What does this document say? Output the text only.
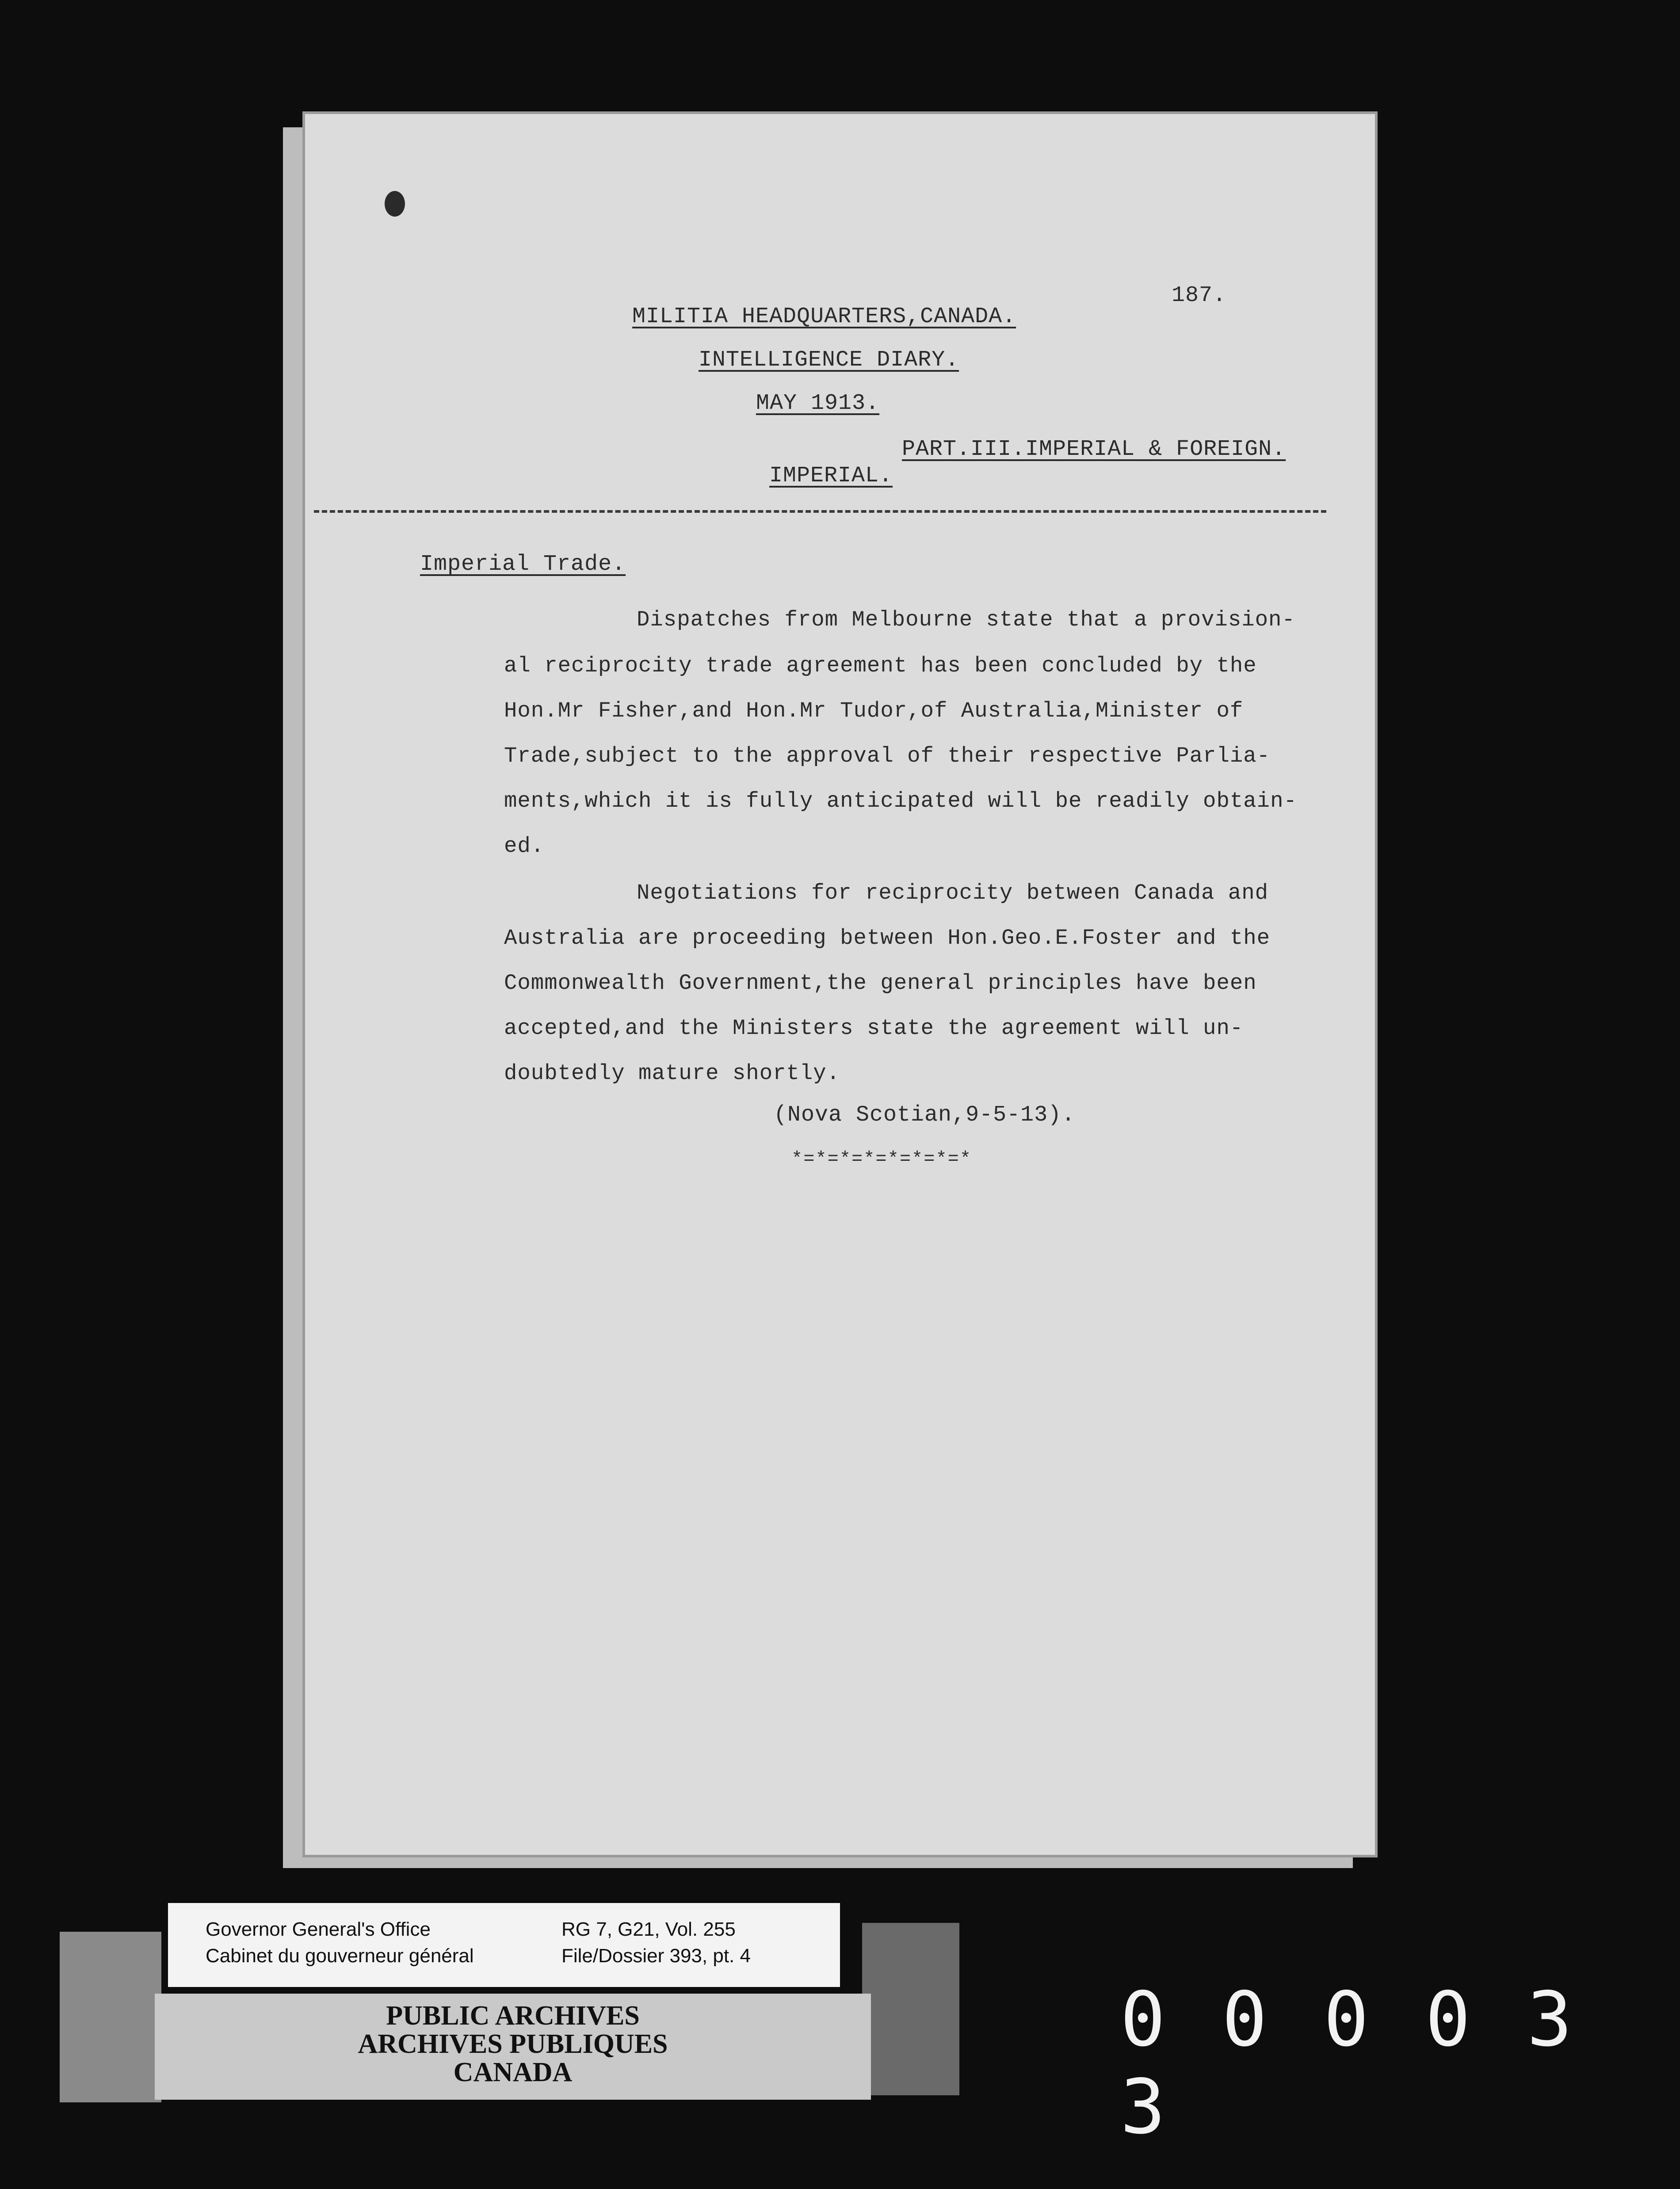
187.
MILITIA HEADQUARTERS,CANADA.
INTELLIGENCE DIARY.
MAY 1913.
PART.III.IMPERIAL & FOREIGN.
IMPERIAL.
Imperial Trade.
Dispatches from Melbourne state that a provision-
al reciprocity trade agreement has been concluded by the
Hon.Mr Fisher,and Hon.Mr Tudor,of Australia,Minister of
Trade,subject to the approval of their respective Parlia-
ments,which it is fully anticipated will be readily obtain-
ed.
Negotiations for reciprocity between Canada and
Australia are proceeding between Hon.Geo.E.Foster and the
Commonwealth Government,the general principles have been
accepted,and the Ministers state the agreement will un-
doubtedly mature shortly.
(Nova Scotian,9-5-13).
*=*=*=*=*=*=*=*
Governor General's Office
Cabinet du gouverneur général
RG 7, G21, Vol. 255
File/Dossier 393, pt. 4
PUBLIC ARCHIVES
ARCHIVES PUBLIQUES
CANADA
0 0 0 0 33
